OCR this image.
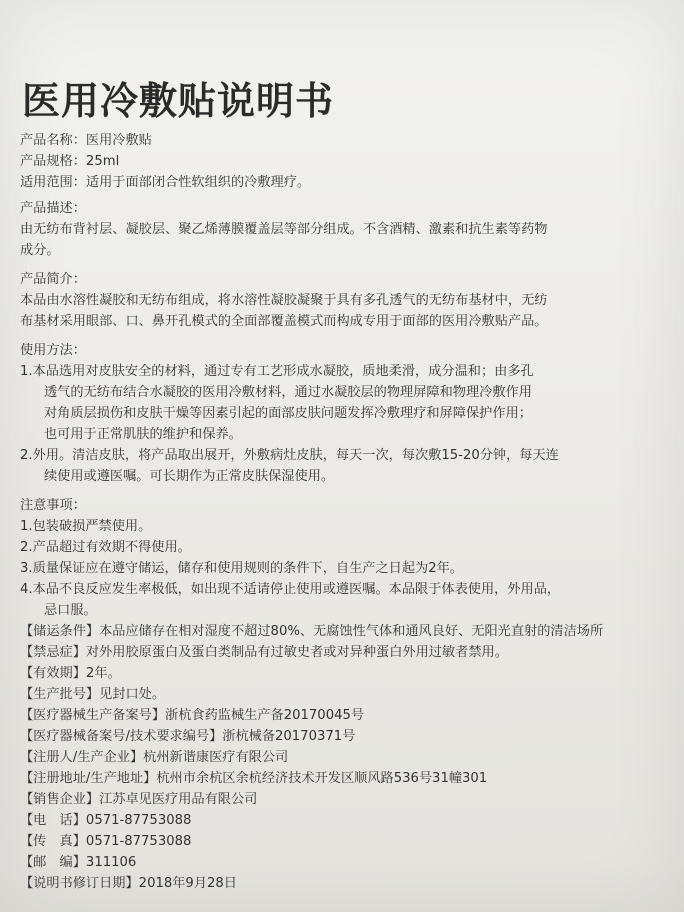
医用冷敷贴说明书
产品名称：医用冷敷贴
产品规格：25ml
适用范围：适用于面部闭合性软组织的冷敷理疗。
产品描述：
由无纺布背衬层、凝胶层、聚乙烯薄膜覆盖层等部分组成。不含酒精、激素和抗生素等药物
成分。
产品简介：
本品由水溶性凝胶和无纺布组成，将水溶性凝胶凝聚于具有多孔透气的无纺布基材中，无纺
布基材采用眼部、口、鼻开孔模式的全面部覆盖模式而构成专用于面部的医用冷敷贴产品。
使用方法：
1.本品选用对皮肤安全的材料，通过专有工艺形成水凝胶，质地柔滑，成分温和；由多孔
透气的无纺布结合水凝胶的医用冷敷材料，通过水凝胶层的物理屏障和物理冷敷作用
对角质层损伤和皮肤干燥等因素引起的面部皮肤问题发挥冷敷理疗和屏障保护作用；
也可用于正常肌肤的维护和保养。
2.外用。清洁皮肤，将产品取出展开，外敷病灶皮肤，每天一次，每次敷15-20分钟，每天连
续使用或遵医嘱。可长期作为正常皮肤保湿使用。
注意事项：
1.包装破损严禁使用。
2.产品超过有效期不得使用。
3.质量保证应在遵守储运，储存和使用规则的条件下，自生产之日起为2年。
4.本品不良反应发生率极低，如出现不适请停止使用或遵医嘱。本品限于体表使用，外用品，
忌口服。
【储运条件】本品应储存在相对湿度不超过80%、无腐蚀性气体和通风良好、无阳光直射的清洁场所
【禁忌症】对外用胶原蛋白及蛋白类制品有过敏史者或对异种蛋白外用过敏者禁用。
【有效期】2年。
【生产批号】见封口处。
【医疗器械生产备案号】浙杭食药监械生产备20170045号
【医疗器械备案号/技术要求编号】浙杭械备20170371号
【注册人/生产企业】杭州新谐康医疗有限公司
【注册地址/生产地址】杭州市余杭区余杭经济技术开发区顺风路536号31幢301
【销售企业】江苏卓见医疗用品有限公司
【电　话】0571-87753088
【传　真】0571-87753088
【邮　编】311106
【说明书修订日期】2018年9月28日
